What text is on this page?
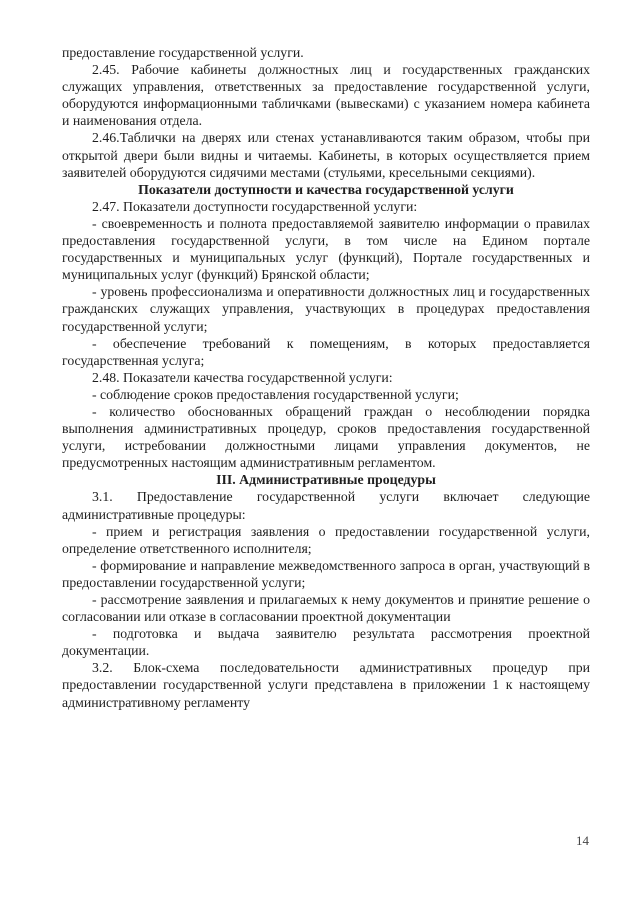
предоставление государственной услуги.

2.45. Рабочие кабинеты должностных лиц и государственных гражданских служащих управления, ответственных за предоставление государственной услуги, оборудуются информационными табличками (вывесками) с указанием номера кабинета и наименования отдела.

2.46.Таблички на дверях или стенах устанавливаются таким образом, чтобы при открытой двери были видны и читаемы. Кабинеты, в которых осуществляется прием заявителей оборудуются сидячими местами (стульями, кресельными секциями).

Показатели доступности и качества государственной услуги

2.47. Показатели доступности государственной услуги:

- своевременность и полнота предоставляемой заявителю информации о правилах предоставления государственной услуги, в том числе на Едином портале государственных и муниципальных услуг (функций), Портале государственных и муниципальных услуг (функций) Брянской области;

- уровень профессионализма и оперативности должностных лиц и государственных гражданских служащих управления, участвующих в процедурах предоставления государственной услуги;

- обеспечение требований к помещениям, в которых предоставляется государственная услуга;

2.48. Показатели качества государственной услуги:

- соблюдение сроков предоставления государственной услуги;

- количество обоснованных обращений граждан о несоблюдении порядка выполнения административных процедур, сроков предоставления государственной услуги, истребовании должностными лицами управления документов, не предусмотренных настоящим административным регламентом.

III. Административные процедуры

3.1. Предоставление государственной услуги включает следующие административные процедуры:

- прием и регистрация заявления о предоставлении государственной услуги, определение ответственного исполнителя;

- формирование и направление межведомственного запроса в орган, участвующий в предоставлении государственной услуги;

- рассмотрение заявления и прилагаемых к нему документов и принятие решение о согласовании или отказе в согласовании проектной документации

- подготовка и выдача заявителю результата рассмотрения проектной документации.

3.2. Блок-схема последовательности административных процедур при предоставлении государственной услуги представлена в приложении 1 к настоящему административному регламенту

14
